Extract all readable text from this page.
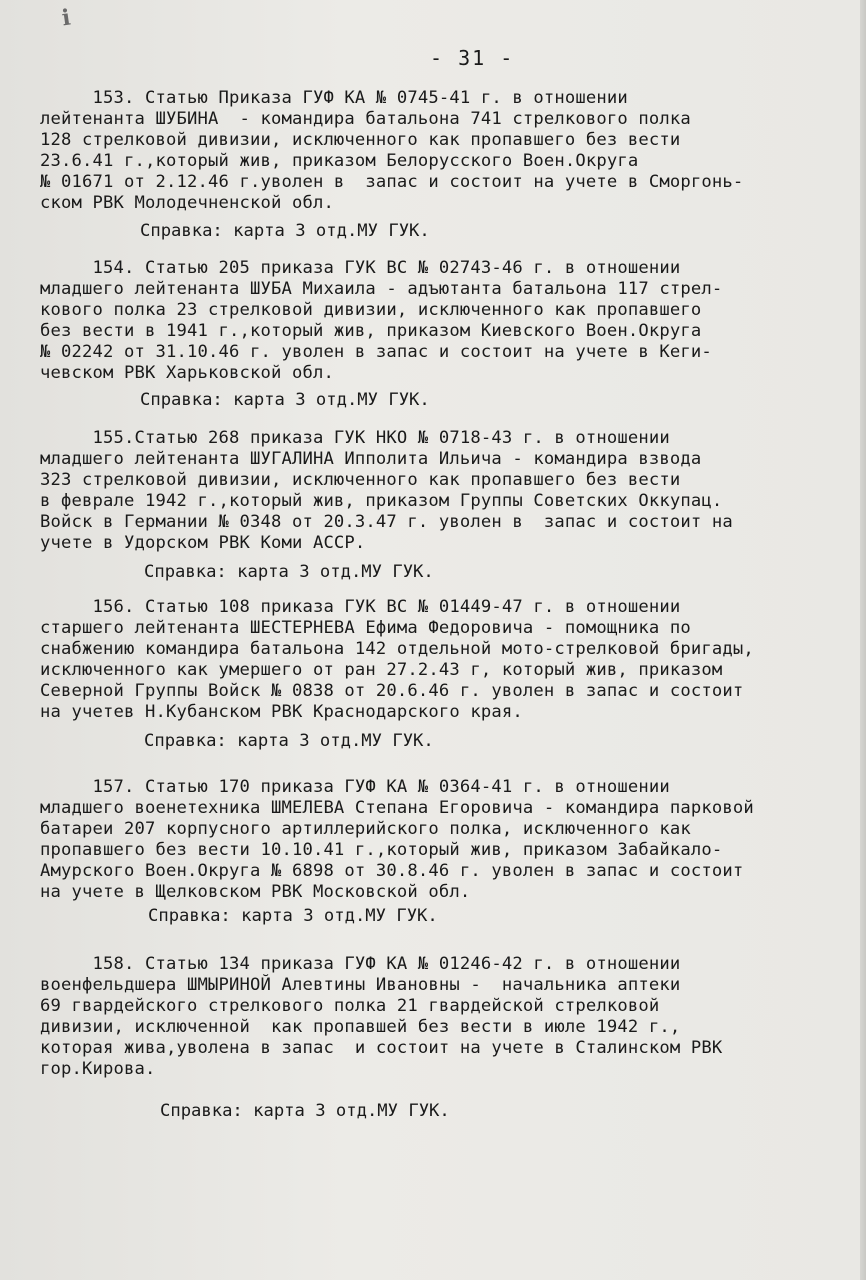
ℹ
- 31 -
153. Статью Приказа ГУФ КА № 0745-41 г. в отношении
лейтенанта ШУБИНА  - командира батальона 741 стрелкового полка
128 стрелковой дивизии, исключенного как пропавшего без вести
23.6.41 г.,который жив, приказом Белорусского Воен.Округа
№ 01671 от 2.12.46 г.уволен в  запас и состоит на учете в Сморгонь-
ском РВК Молодечненской обл.
Справка: карта 3 отд.МУ ГУК.
154. Статью 205 приказа ГУК ВС № 02743-46 г. в отношении
младшего лейтенанта ШУБА Михаила - адъютанта батальона 117 стрел-
кового полка 23 стрелковой дивизии, исключенного как пропавшего
без вести в 1941 г.,который жив, приказом Киевского Воен.Округа
№ 02242 от 31.10.46 г. уволен в запас и состоит на учете в Кеги-
чевском РВК Харьковской обл.
Справка: карта 3 отд.МУ ГУК.
155.Статью 268 приказа ГУК НКО № 0718-43 г. в отношении
младшего лейтенанта ШУГАЛИНА Ипполита Ильича - командира взвода
323 стрелковой дивизии, исключенного как пропавшего без вести
в феврале 1942 г.,который жив, приказом Группы Советских Оккупац.
Войск в Германии № 0348 от 20.3.47 г. уволен в  запас и состоит на
учете в Удорском РВК Коми АССР.
Справка: карта 3 отд.МУ ГУК.
156. Статью 108 приказа ГУК ВС № 01449-47 г. в отношении
старшего лейтенанта ШЕСТЕРНЕВА Ефима Федоровича - помощника по
снабжению командира батальона 142 отдельной мото-стрелковой бригады,
исключенного как умершего от ран 27.2.43 г, который жив, приказом
Северной Группы Войск № 0838 от 20.6.46 г. уволен в запас и состоит
на учетев Н.Кубанском РВК Краснодарского края.
Справка: карта 3 отд.МУ ГУК.
157. Статью 170 приказа ГУФ КА № 0364-41 г. в отношении
младшего военетехника ШМЕЛЕВА Степана Егоровича - командира парковой
батареи 207 корпусного артиллерийского полка, исключенного как
пропавшего без вести 10.10.41 г.,который жив, приказом Забайкало-
Амурского Воен.Округа № 6898 от 30.8.46 г. уволен в запас и состоит
на учете в Щелковском РВК Московской обл.
Справка: карта 3 отд.МУ ГУК.
158. Статью 134 приказа ГУФ КА № 01246-42 г. в отношении
военфельдшера ШМЫРИНОЙ Алевтины Ивановны -  начальника аптеки
69 гвардейского стрелкового полка 21 гвардейской стрелковой
дивизии, исключенной  как пропавшей без вести в июле 1942 г.,
которая жива,уволена в запас  и состоит на учете в Сталинском РВК
гор.Кирова.
Справка: карта 3 отд.МУ ГУК.
